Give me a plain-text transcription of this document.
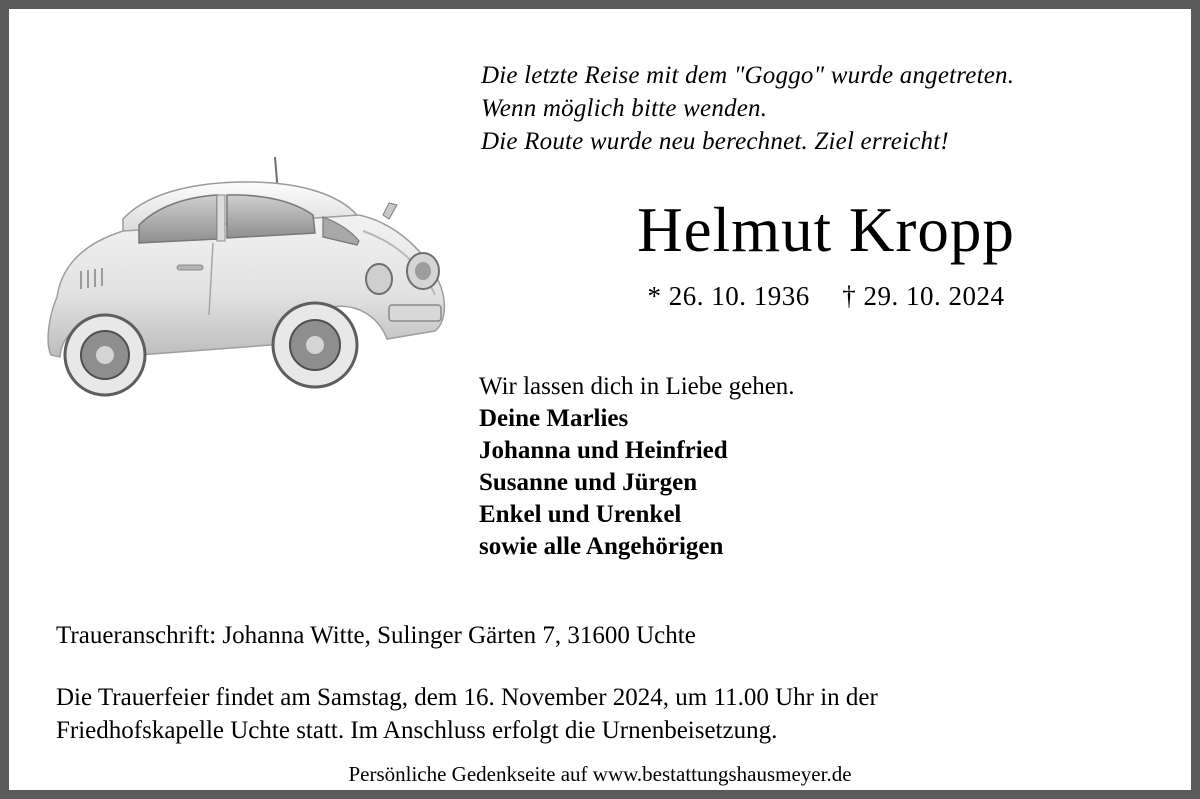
Die letzte Reise mit dem "Goggo" wurde angetreten.
Wenn möglich bitte wenden.
Die Route wurde neu berechnet. Ziel erreicht!
Helmut Kropp
* 26. 10. 1936 † 29. 10. 2024
Wir lassen dich in Liebe gehen.
Deine Marlies
Johanna und Heinfried
Susanne und Jürgen
Enkel und Urenkel
sowie alle Angehörigen
Traueranschrift: Johanna Witte, Sulinger Gärten 7, 31600 Uchte
Die Trauerfeier findet am Samstag, dem 16. November 2024, um 11.00 Uhr in der
Friedhofskapelle Uchte statt. Im Anschluss erfolgt die Urnenbeisetzung.
Persönliche Gedenkseite auf www.bestattungshausmeyer.de
